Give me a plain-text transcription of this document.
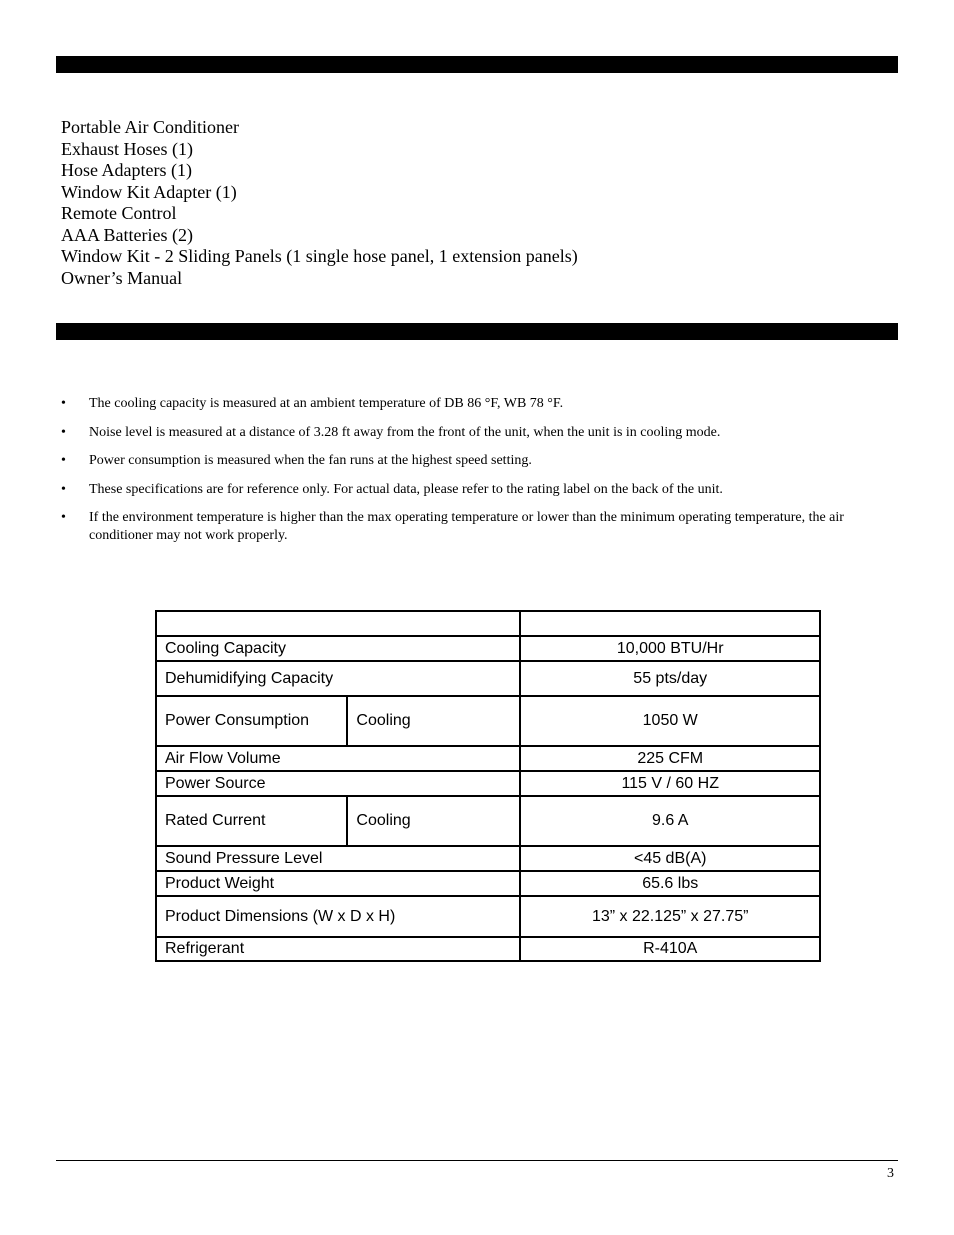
Portable Air Conditioner
Exhaust Hoses (1)
Hose Adapters (1)
Window Kit Adapter (1)
Remote Control
AAA Batteries (2)
Window Kit - 2 Sliding Panels (1 single hose panel, 1 extension panels)
Owner’s Manual
• The cooling capacity is measured at an ambient temperature of DB 86 °F, WB 78 °F.
• Noise level is measured at a distance of 3.28 ft away from the front of the unit, when the unit is in cooling mode.
• Power consumption is measured when the fan runs at the highest speed setting.
• These specifications are for reference only. For actual data, please refer to the rating label on the back of the unit.
• If the environment temperature is higher than the max operating temperature or lower than the minimum operating temperature, the air conditioner may not work properly.

Cooling Capacity		10,000 BTU/Hr
Dehumidifying Capacity		55 pts/day
Power Consumption	Cooling	1050 W
Air Flow Volume		225 CFM
Power Source		115 V / 60 HZ
Rated Current	Cooling	9.6 A
Sound Pressure Level		<45 dB(A)
Product Weight		65.6 lbs
Product Dimensions (W x D x H)		13” x 22.125” x 27.75”
Refrigerant		R-410A
3
